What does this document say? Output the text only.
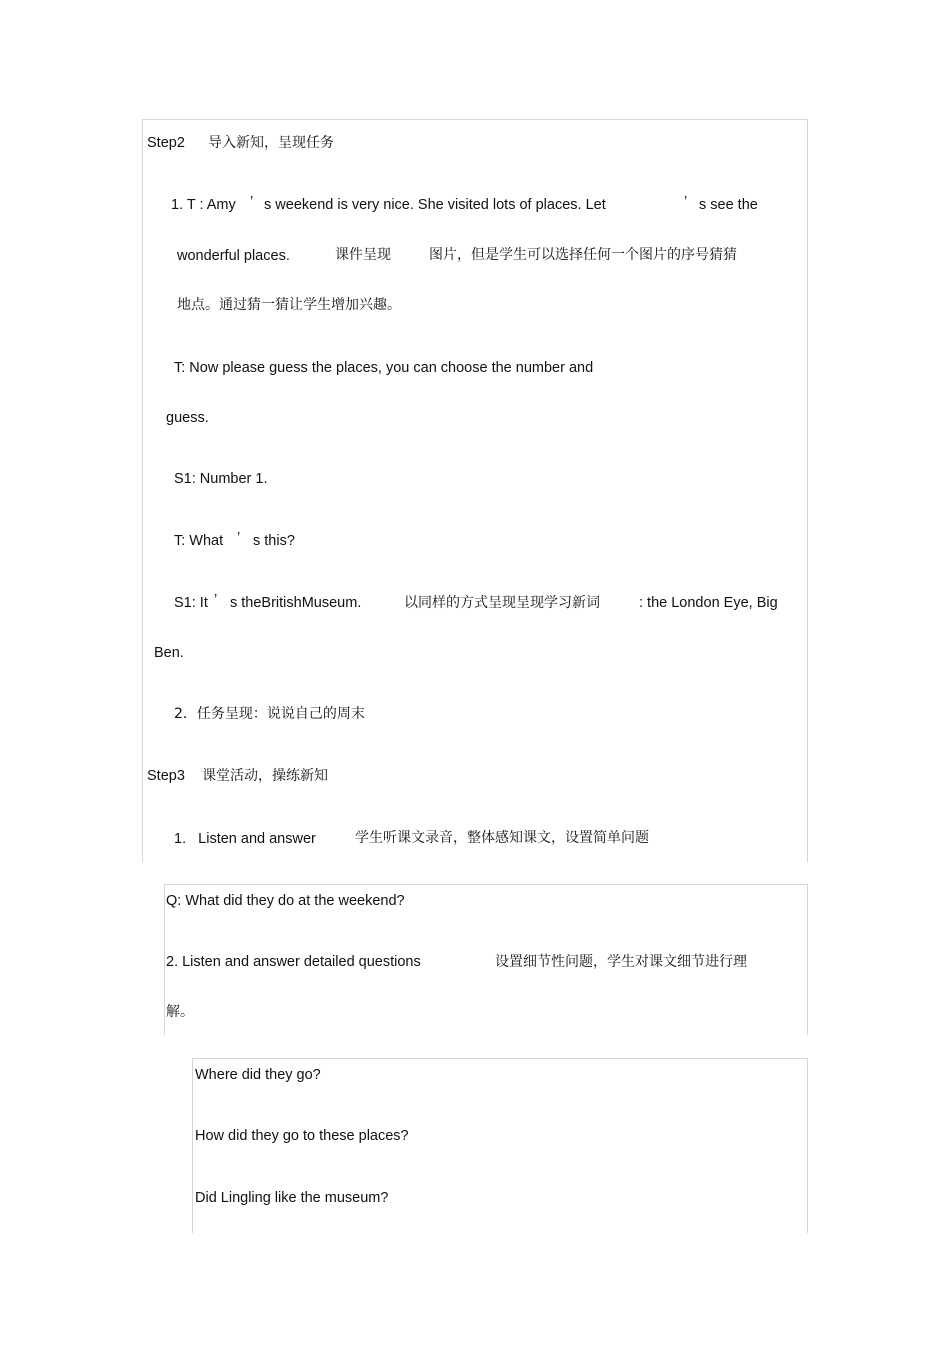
Step2 导入新知，呈现任务
1. T : Amy ’ s weekend is very nice. She visited lots of places. Let	’ s see the
wonderful places.	课件呈现	图片，但是学生可以选择任何一个图片的序号猜猜
地点。通过猜一猜让学生增加兴趣。
T: Now please guess the places, you can choose the number and
guess.
S1: Number 1.
T: What ’ s this?
S1: It ’ s theBritishMuseum.	以同样的方式呈现呈现学习新词	: the London Eye, Big
Ben.
2．任务呈现：说说自己的周末
Step3 课堂活动，操练新知
1.   Listen and answer	学生听课文录音，整体感知课文，设置简单问题
Q: What did they do at the weekend?
2. Listen and answer detailed questions	设置细节性问题，学生对课文细节进行理
解。
Where did they go?
How did they go to these places?
Did Lingling like the museum?
